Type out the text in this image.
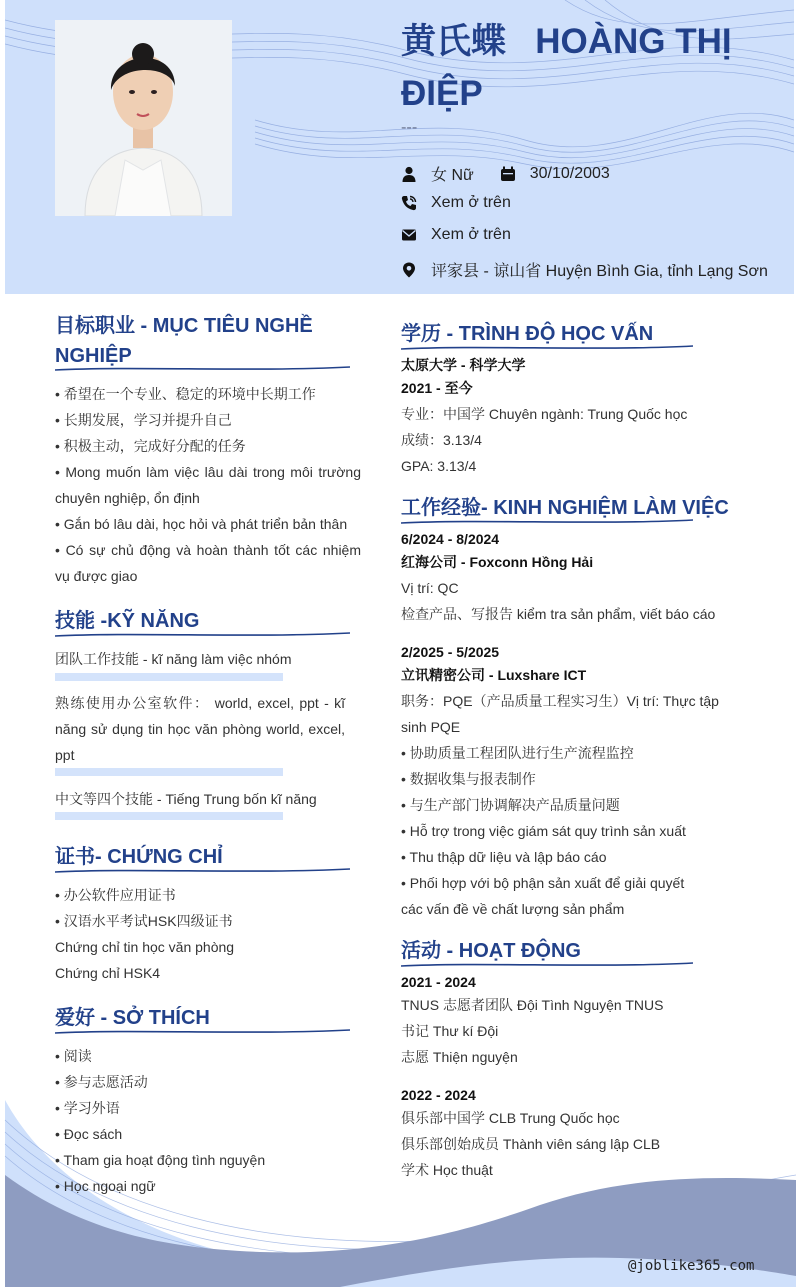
黄氏蝶 HOÀNG THỊ ĐIỆP
---
女 Nữ	30/10/2003
Xem ở trên
Xem ở trên
评家县 - 谅山省 Huyện Bình Gia, tỉnh Lạng Sơn
目标职业 - MỤC TIÊU NGHỀ NGHIỆP
• 希望在一个专业、稳定的环境中长期工作
• 长期发展，学习并提升自己
• 积极主动，完成好分配的任务
• Mong muốn làm việc lâu dài trong môi trường chuyên nghiệp, ổn định
• Gắn bó lâu dài, học hỏi và phát triển bản thân
• Có sự chủ động và hoàn thành tốt các nhiệm vụ được giao
技能 -KỸ NĂNG
团队工作技能 - kĩ năng làm việc nhóm
熟练使用办公室软件： world, excel, ppt - kĩ năng sử dụng tin học văn phòng world, excel, ppt
中文等四个技能 - Tiếng Trung bốn kĩ năng
证书- CHỨNG CHỈ
• 办公软件应用证书
• 汉语水平考试HSK四级证书
Chứng chỉ tin học văn phòng
Chứng chỉ HSK4
爱好 - SỞ THÍCH
• 阅读
• 参与志愿活动
• 学习外语
• Đọc sách
• Tham gia hoạt động tình nguyện
• Học ngoại ngữ
学历 - TRÌNH ĐỘ HỌC VẤN
太原大学 - 科学大学
2021 - 至今
专业：中国学 Chuyên ngành: Trung Quốc học
成绩：3.13/4
GPA: 3.13/4
工作经验- KINH NGHIỆM LÀM VIỆC
6/2024 - 8/2024
红海公司 - Foxconn Hồng Hải
Vị trí: QC
检查产品、写报告 kiểm tra sản phẩm, viết báo cáo
2/2025 - 5/2025
立讯精密公司 - Luxshare ICT
职务：PQE（产品质量工程实习生）Vị trí: Thực tập sinh PQE
• 协助质量工程团队进行生产流程监控
• 数据收集与报表制作
• 与生产部门协调解决产品质量问题
• Hỗ trợ trong việc giám sát quy trình sản xuất
• Thu thập dữ liệu và lập báo cáo
• Phối hợp với bộ phận sản xuất để giải quyết các vấn đề về chất lượng sản phẩm
活动 - HOẠT ĐỘNG
2021 - 2024
TNUS 志愿者团队 Đội Tình Nguyện TNUS
书记 Thư kí Đội
志愿 Thiện nguyện
2022 - 2024
俱乐部中国学 CLB Trung Quốc học
俱乐部创始成员 Thành viên sáng lập CLB
学术 Học thuật
@joblike365.com
